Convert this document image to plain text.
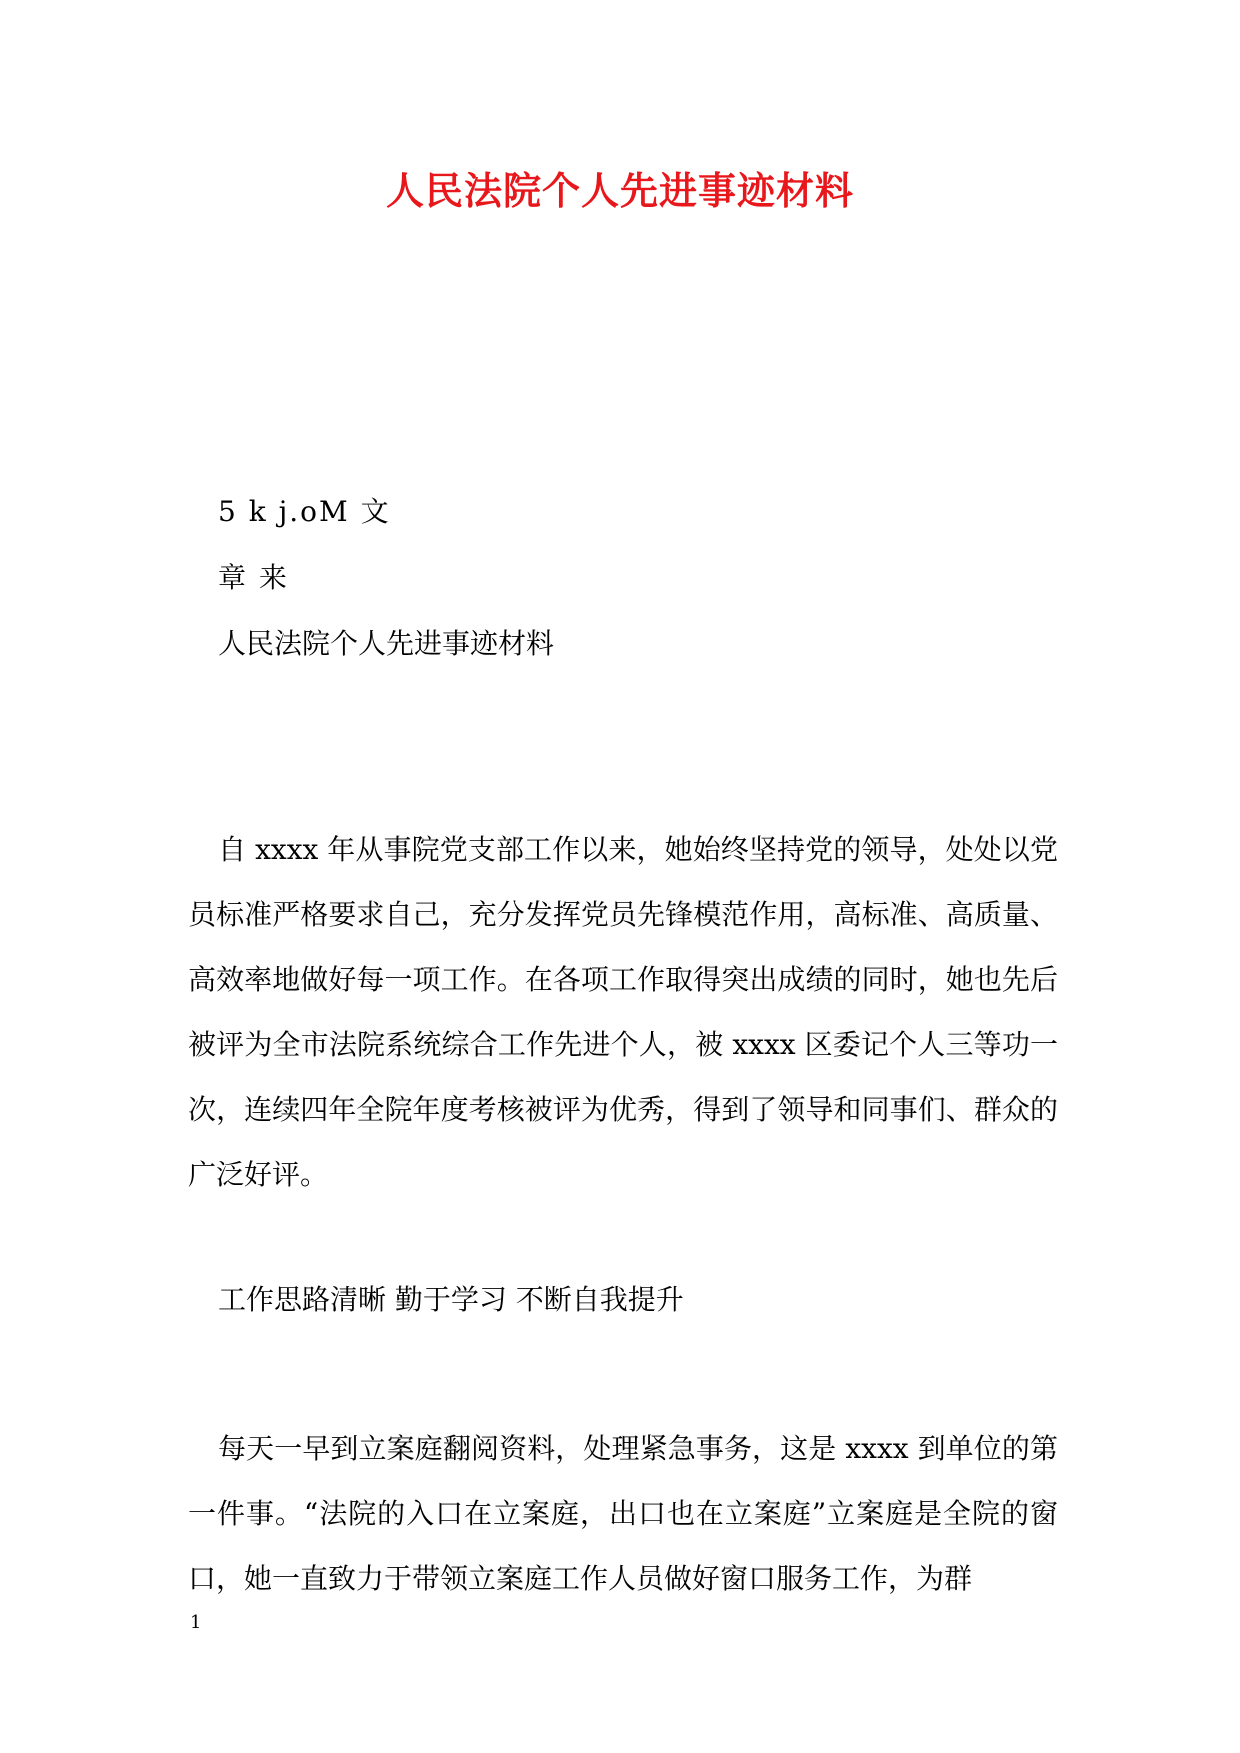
人民法院个人先进事迹材料
5 k j.oM 文
章 来
人民法院个人先进事迹材料
自 xxxx 年从事院党支部工作以来，她始终坚持党的领导，处处以党员标准严格要求自己，充分发挥党员先锋模范作用，高标准、高质量、高效率地做好每一项工作。在各项工作取得突出成绩的同时，她也先后被评为全市法院系统综合工作先进个人，被 xxxx 区委记个人三等功一次，连续四年全院年度考核被评为优秀，得到了领导和同事们、群众的广泛好评。
工作思路清晰 勤于学习 不断自我提升
每天一早到立案庭翻阅资料，处理紧急事务，这是 xxxx 到单位的第一件事。“法院的入口在立案庭，出口也在立案庭”立案庭是全院的窗口，她一直致力于带领立案庭工作人员做好窗口服务工作，为群
1
